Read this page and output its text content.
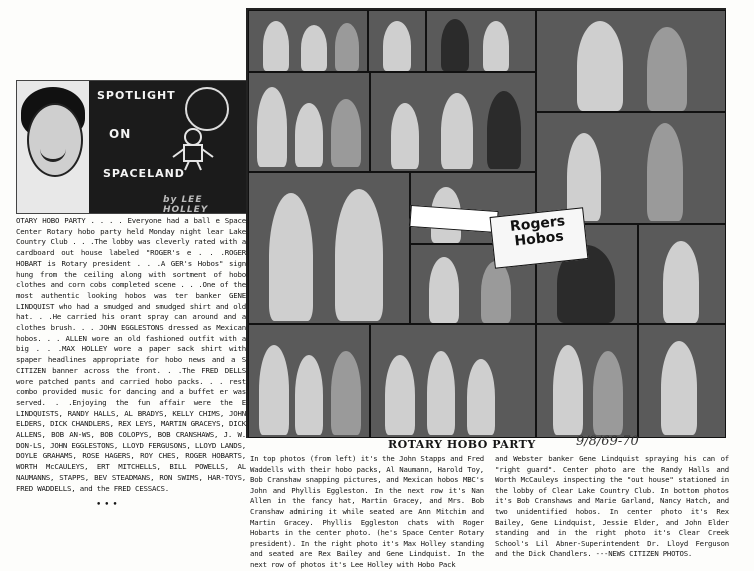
SPOTLIGHT
ON
SPACELAND
by LEE HOLLEY
OTARY HOBO PARTY . . . . Everyone had a ball e Space Center Rotary hobo party held Monday night lear Lake Country Club . . .The lobby was cleverly rated with a cardboard out house labeled "ROGER's e . . .ROGER HOBART is Rotary president . . .A GER's Hobos" sign hung from the ceiling along with sortment of hobo clothes and corn cobs completed scene . . .One of the most authentic looking hobos was ter banker GENE LINDQUIST who had a smudged and smudged shirt and old hat. . .He carried his orant spray can around and a clothes brush. . . JOHN EGGLESTONS dressed as Mexican hobos. . . ALLEN wore an old fashioned outfit with a big . . .MAX HOLLEY wore a paper sack shirt with spaper headlines appropriate for hobo news and a S CITIZEN banner across the front. . .The FRED DELLS wore patched pants and carried hobo packs. . . rest combo provided music for dancing and a buffet er was served. . .Enjoying the fun affair were the E LINDQUISTS, RANDY HALLS, AL BRADYS, KELLY CHIMS, JOHN ELDERS, DICK CHANDLERS, REX LEYS, MARTIN GRACEYS, DICK ALLENS, BOB AN-WS, BOB COLOPYS, BOB CRANSHAWS, J. W. DON-LS, JOHN EGGLESTONS, LLOYD FERGUSONS, LLOYD LANDS, DOYLE GRAHAMS, ROSE HAGERS, ROY CHES, ROGER HOBARTS, WORTH McCAULEYS, ERT MITCHELLS, BILL POWELLS, AL NAUMANNS, STAPPS, BEV STEADMANS, RON SWIMS, HAR-TOYS, FRED WADDELLS, and the FRED CESSACS.
• • •
Rogers Hobos
ROTARY HOBO PARTY	9/8/69-70
In top photos (from left) it's the John Stapps and Fred Waddells with their hobo packs, Al Naumann, Harold Toy, Bob Cranshaw snapping pictures, and Mexican hobos MBC's John and Phyllis Eggleston. In the next row it's Nan Allen in the fancy hat, Martin Gracey, and Mrs. Bob Cranshaw admiring it while seated are Ann Mitchim and Martin Gracey. Phyllis Eggleston chats with Roger Hobarts in the center photo. (he's Space Center Rotary president). In the right photo it's Max Holley standing and seated are Rex Bailey and Gene Lindquist. In the next row of photos it's Lee Holley with Hobo Pack
and Webster banker Gene Lindquist spraying his can of "right guard". Center photo are the Randy Halls and Worth McCauleys inspecting the "out house" stationed in the lobby of Clear Lake Country Club. In bottom photos it's Bob Cranshaws and Marie Garland, Nancy Hatch, and two unidentified hobos. In center photo it's Rex Bailey, Gene Lindquist, Jessie Elder, and John Elder standing and in the right photo it's Clear Creek School's Lil Abner-Superintendent Dr. Lloyd Ferguson and the Dick Chandlers. ---NEWS CITIZEN PHOTOS.
